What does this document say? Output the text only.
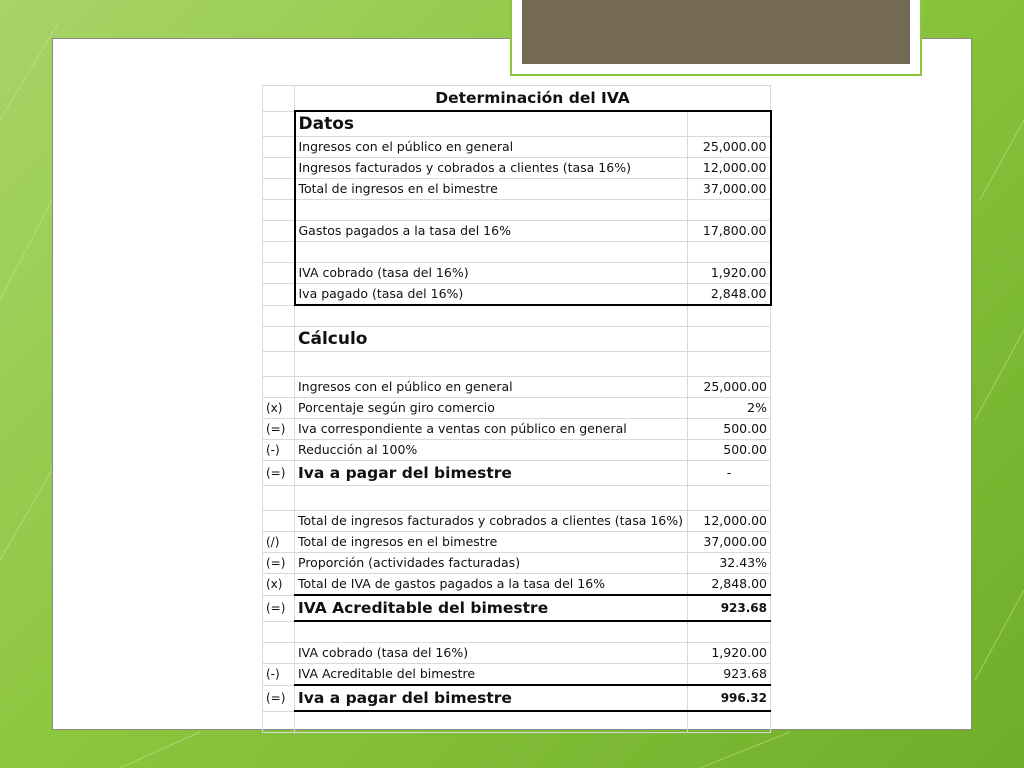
	Determinación del IVA	
	Datos	
	Ingresos con el público en general	25,000.00
	Ingresos facturados y cobrados a clientes (tasa 16%)	12,000.00
	Total de ingresos en el bimestre	37,000.00

	Gastos pagados a la tasa del 16%	17,800.00

	IVA cobrado (tasa del 16%)	1,920.00
	Iva pagado (tasa del 16%)	2,848.00

	Cálculo	

	Ingresos con el público en general	25,000.00
(x)	Porcentaje según giro comercio	2%
(=)	Iva correspondiente a ventas con público en general	500.00
(-)	Reducción al 100%	500.00
(=)	Iva a pagar del bimestre	-

	Total de ingresos facturados y cobrados a clientes (tasa 16%)	12,000.00
(/)	Total de ingresos en el bimestre	37,000.00
(=)	Proporción (actividades facturadas)	32.43%
(x)	Total de IVA de gastos pagados a la tasa del 16%	2,848.00
(=)	IVA Acreditable del bimestre	923.68

	IVA cobrado (tasa del 16%)	1,920.00
(-)	IVA Acreditable del bimestre	923.68
(=)	Iva a pagar del bimestre	996.32
